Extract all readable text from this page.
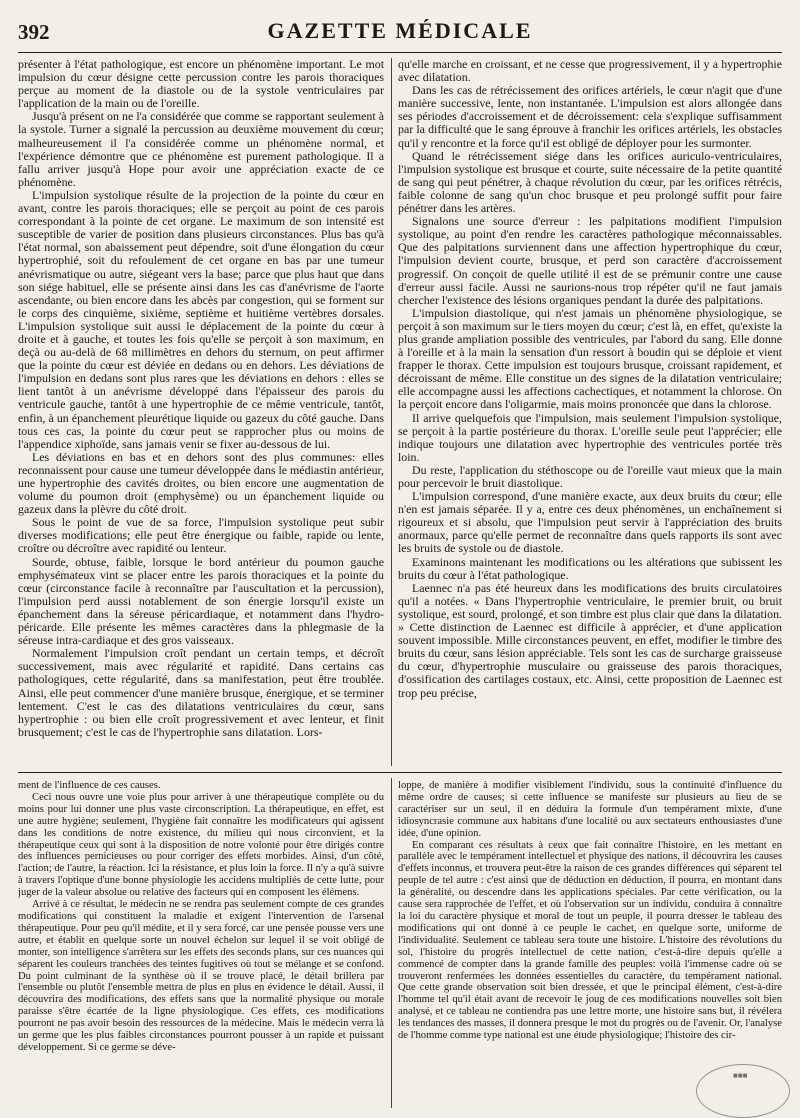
392	GAZETTE MÉDICALE

présenter à l'état pathologique, est encore un phénomène important. Le mot impulsion du cœur désigne cette percussion contre les parois thoraciques perçue au moment de la diastole ou de la systole ventriculaires par l'application de la main ou de l'oreille.

Jusqu'à présent on ne l'a considérée que comme se rapportant seulement à la systole. Turner a signalé la percussion au deuxième mouvement du cœur; malheureusement il l'a considérée comme un phénomène normal, et l'expérience démontre que ce phénomène est purement pathologique. Il a fallu arriver jusqu'à Hope pour avoir une appréciation exacte de ce phénomène.

L'impulsion systolique résulte de la projection de la pointe du cœur en avant, contre les parois thoraciques; elle se perçoit au point de ces parois correspondant à la pointe de cet organe. Le maximum de son intensité est susceptible de varier de position dans plusieurs circonstances. Plus bas qu'à l'état normal, son abaissement peut dépendre, soit d'une élongation du cœur hypertrophié, soit du refoulement de cet organe en bas par une tumeur anévrismatique ou autre, siégeant vers la base; parce que plus haut que dans son siége habituel, elle se présente ainsi dans les cas d'anévrisme de l'aorte ascendante, ou bien encore dans les abcès par congestion, qui se forment sur le corps des cinquième, sixième, septième et huitième vertèbres dorsales. L'impulsion systolique suit aussi le déplacement de la pointe du cœur à droite et à gauche, et toutes les fois qu'elle se perçoit à son maximum, en deçà ou au-delà de 68 millimètres en dehors du sternum, on peut affirmer que la pointe du cœur est déviée en dedans ou en dehors. Les déviations de l'impulsion en dedans sont plus rares que les déviations en dehors : elles se lient tantôt à un anévrisme développé dans l'épaisseur des parois du ventricule gauche, tantôt à une hypertrophie de ce même ventricule, tantôt, enfin, à un épanchement pleurétique liquide ou gazeux du côté gauche. Dans tous ces cas, la pointe du cœur peut se rapprocher plus ou moins de l'appendice xiphoïde, sans jamais venir se fixer au-dessous de lui.

Les déviations en bas et en dehors sont des plus communes: elles reconnaissent pour cause une tumeur développée dans le médiastin antérieur, une hypertrophie des cavités droites, ou bien encore une augmentation de volume du poumon droit (emphysème) ou un épanchement liquide ou gazeux dans la plèvre du côté droit.

Sous le point de vue de sa force, l'impulsion systolique peut subir diverses modifications; elle peut être énergique ou faible, rapide ou lente, croître ou décroître avec rapidité ou lenteur.

Sourde, obtuse, faible, lorsque le bord antérieur du poumon gauche emphysémateux vint se placer entre les parois thoraciques et la pointe du cœur (circonstance facile à reconnaître par l'auscultation et la percussion), l'impulsion perd aussi notablement de son énergie lorsqu'il existe un épanchement dans la séreuse péricardiaque, et notamment dans l'hydro-péricarde. Elle présente les mêmes caractères dans la phlegmasie de la séreuse intra-cardiaque et des gros vaisseaux.

Normalement l'impulsion croît pendant un certain temps, et décroît successivement, mais avec régularité et rapidité. Dans certains cas pathologiques, cette régularité, dans sa manifestation, peut être troublée. Ainsi, elle peut commencer d'une manière brusque, énergique, et se terminer lentement. C'est le cas des dilatations ventriculaires du cœur, sans hypertrophie : ou bien elle croît progressivement et avec lenteur, et finit brusquement; c'est le cas de l'hypertrophie sans dilatation. Lors-

qu'elle marche en croissant, et ne cesse que progressivement, il y a hypertrophie avec dilatation.

Dans les cas de rétrécissement des orifices artériels, le cœur n'agit que d'une manière successive, lente, non instantanée. L'impulsion est alors allongée dans ses périodes d'accroissement et de décroissement: cela s'explique suffisamment par la difficulté que le sang éprouve à franchir les orifices artériels, les obstacles qu'il y rencontre et la force qu'il est obligé de déployer pour les surmonter.

Quand le rétrécissement siége dans les orifices auriculo-ventriculaires, l'impulsion systolique est brusque et courte, suite nécessaire de la petite quantité de sang qui peut pénétrer, à chaque révolution du cœur, par les orifices rétrécis, faible colonne de sang qu'un choc brusque et peu prolongé suffit pour faire pénétrer dans les artères.

Signalons une source d'erreur : les palpitations modifient l'impulsion systolique, au point d'en rendre les caractères pathologique méconnaissables. Que des palpitations surviennent dans une affection hypertrophique du cœur, l'impulsion devient courte, brusque, et perd son caractère d'accroissement progressif. On conçoit de quelle utilité il est de se prémunir contre une cause d'erreur aussi facile. Aussi ne saurions-nous trop répéter qu'il ne faut jamais chercher l'existence des lésions organiques pendant la durée des palpitations.

L'impulsion diastolique, qui n'est jamais un phénomène physiologique, se perçoit à son maximum sur le tiers moyen du cœur; c'est là, en effet, qu'existe la plus grande ampliation possible des ventricules, par l'abord du sang. Elle donne à l'oreille et à la main la sensation d'un ressort à boudin qui se déploie et vient frapper le thorax. Cette impulsion est toujours brusque, croissant rapidement, et décroissant de même. Elle constitue un des signes de la dilatation ventriculaire; elle accompagne aussi les affections cachectiques, et notamment la chlorose. On la perçoit encore dans l'oligarmie, mais moins prononcée que dans la chlorose.

Il arrive quelquefois que l'impulsion, mais seulement l'impulsion systolique, se perçoit à la partie postérieure du thorax. L'oreille seule peut l'apprécier; elle indique toujours une dilatation avec hypertrophie des ventricules portée très loin.

Du reste, l'application du stéthoscope ou de l'oreille vaut mieux que la main pour percevoir le bruit diastolique.

L'impulsion correspond, d'une manière exacte, aux deux bruits du cœur; elle n'en est jamais séparée. Il y a, entre ces deux phénomènes, un enchaînement si rigoureux et si absolu, que l'impulsion peut servir à l'appréciation des bruits anormaux, parce qu'elle permet de reconnaître dans quels rapports ils sont avec les bruits de systole ou de diastole.

Examinons maintenant les modifications ou les altérations que subissent les bruits du cœur à l'état pathologique.

Laennec n'a pas été heureux dans les modifications des bruits circulatoires qu'il a notées. « Dans l'hypertrophie ventriculaire, le premier bruit, ou bruit systolique, est sourd, prolongé, et son timbre est plus clair que dans la dilatation. » Cette distinction de Laennec est difficile à apprécier, et d'une application souvent impossible. Mille circonstances peuvent, en effet, modifier le timbre des bruits du cœur, sans lésion appréciable. Tels sont les cas de surcharge graisseuse du cœur, d'hypertrophie musculaire ou graisseuse des parois thoraciques, d'ossification des cartilages costaux, etc. Ainsi, cette proposition de Laennec est trop peu précise,

ment de l'influence de ces causes.

Ceci nous ouvre une voie plus pour arriver à une thérapeutique complète ou du moins pour lui donner une plus vaste circonscription. La thérapeutique, en effet, est une autre hygiène; seulement, l'hygiène fait connaître les modificateurs qui agissent dans les conditions de notre existence, du milieu qui nous circonvient, et la thérapeutique ceux qui sont à la disposition de notre volonté pour être dirigés contre des influences pernicieuses ou pour corriger des effets morbides. Ainsi, d'un côté, l'action; de l'autre, la réaction. Ici la résistance, et plus loin la force. Il n'y a qu'à suivre à travers l'optique d'une bonne physiologie les accidens multipliés de cette lutte, pour juger de la valeur absolue ou relative des facteurs qui en composent les élémens.

Arrivé à ce résultat, le médecin ne se rendra pas seulement compte de ces grandes modifications qui constituent la maladie et exigent l'intervention de l'arsenal thérapeutique. Pour peu qu'il médite, et il y sera forcé, car une pensée pousse vers une autre, et établit en quelque sorte un nouvel échelon sur lequel il se voit obligé de monter, son intelligence s'arrêtera sur les effets des seconds plans, sur ces nuances qui séparent les couleurs tranchées des teintes fugitives où tout se mélange et se confond. Du point culminant de la synthèse où il se trouve placé, le détail brillera par l'ensemble ou plutôt l'ensemble mettra de plus en plus en évidence le détail. Aussi, il découvrira des modifications, des effets sans que la normalité physique ou morale paraisse s'être écartée de la ligne physiologique. Ces effets, ces modifications pourront ne pas avoir besoin des ressources de la médecine. Mais le médecin verra là un germe que les plus faibles circonstances pourront pousser à un rapide et puissant développement. Si ce germe se déve-

loppe, de manière à modifier visiblement l'individu, sous la continuité d'influence du même ordre de causes; si cette influence se manifeste sur plusieurs au lieu de se caractériser sur un seul, il en déduira la formule d'un tempérament mixte, d'une idiosyncrasie commune aux habitans d'une localité ou aux sectateurs enthousiastes d'une idée, d'une opinion.

En comparant ces résultats à ceux que fait connaître l'histoire, en les mettant en parallèle avec le tempérament intellectuel et physique des nations, il découvrira les causes d'effets inconnus, et trouvera peut-être la raison de ces grandes différences qui séparent tel peuple de tel autre : c'est ainsi que de déduction en déduction, il pourra, en montant dans la généralité, ou descendre dans les applications spéciales. Par cette vérification, ou la cause sera rapprochée de l'effet, et où l'observation sur un individu, conduira à connaître la loi du caractère physique et moral de tout un peuple, il pourra dresser le tableau des modifications qui ont donné à ce peuple le cachet, en quelque sorte, uniforme de l'individualité. Seulement ce tableau sera toute une histoire. L'histoire des révolutions du sol, l'histoire du progrès intellectuel de cette nation, c'est-à-dire depuis qu'elle a commencé de compter dans la grande famille des peuples: voilà l'immense cadre où se trouveront renfermées les données essentielles du caractère, du tempérament national. Que cette grande observation soit bien dressée, et que le principal élément, c'est-à-dire l'homme tel qu'il était avant de recevoir le joug de ces modifications nouvelles soit bien analysé, et ce tableau ne contiendra pas une lettre morte, une histoire sans but, il révélera les tendances des masses, il donnera presque le mot du progrès ou de l'avenir. Or, l'analyse de l'homme comme type national est une étude physiologique; l'histoire des cir-

■■■
